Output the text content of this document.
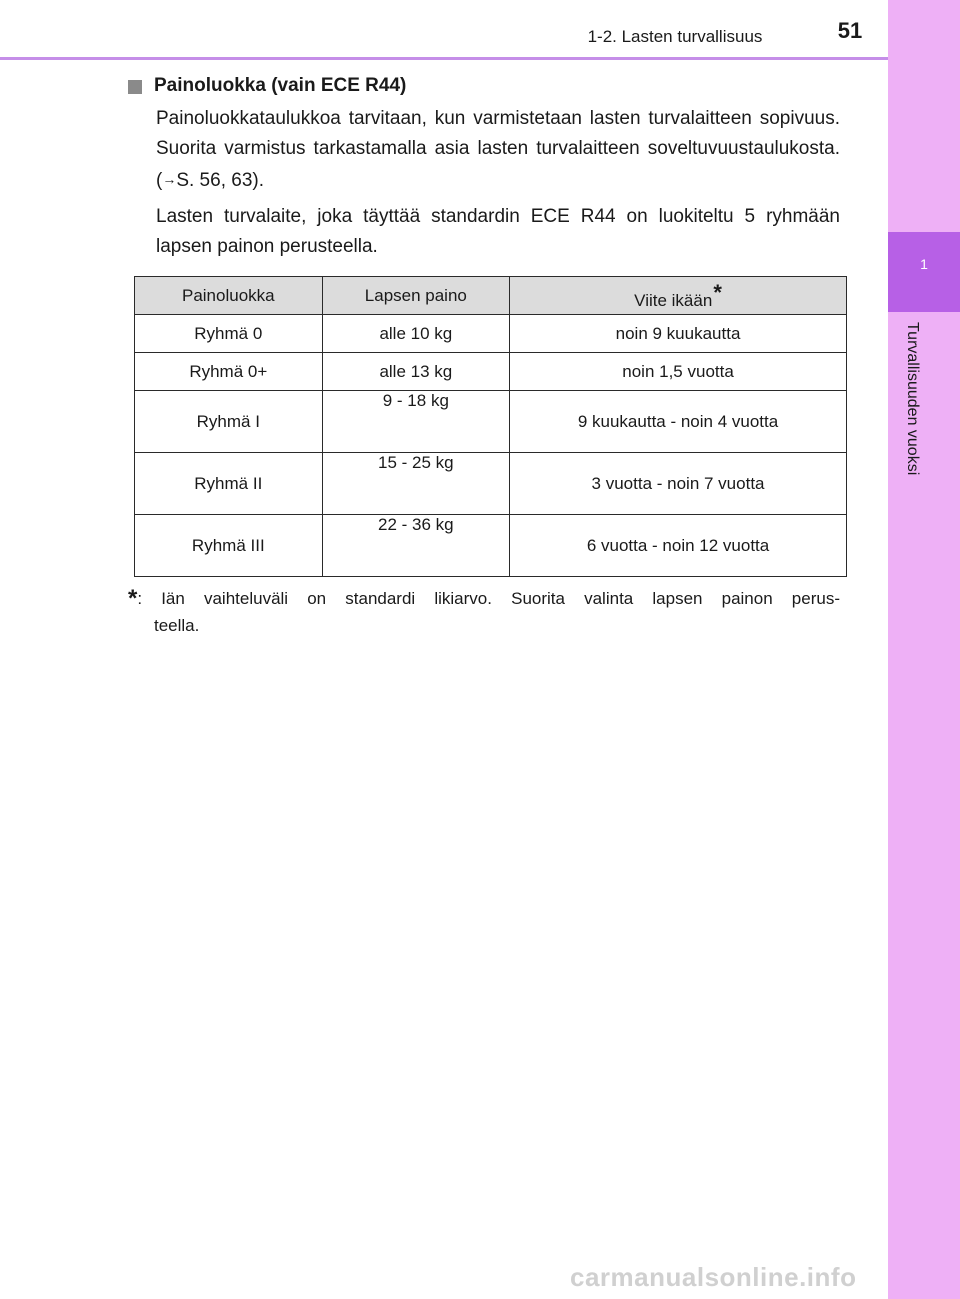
1
Turvallisuuden vuoksi
1-2. Lasten turvallisuus	51
Painoluokka (vain ECE R44)
Painoluokkataulukkoa tarvitaan, kun varmistetaan lasten turvalaitteen sopivuus. Suorita varmistus tarkastamalla asia lasten turvalaitteen soveltuvuustaulukosta. (→S. 56, 63).
Lasten turvalaite, joka täyttää standardin ECE R44 on luokiteltu 5 ryhmään lapsen painon perusteella.
Painoluokka	Lapsen paino	Viite ikään*
Ryhmä 0	alle 10 kg	noin 9 kuukautta
Ryhmä 0+	alle 13 kg	noin 1,5 vuotta
Ryhmä I	9 - 18 kg	9 kuukautta - noin 4 vuotta
Ryhmä II	15 - 25 kg	3 vuotta - noin 7 vuotta
Ryhmä III	22 - 36 kg	6 vuotta - noin 12 vuotta
*: Iän vaihteluväli on standardi likiarvo. Suorita valinta lapsen painon perus-
teella.
carmanualsonline.info
